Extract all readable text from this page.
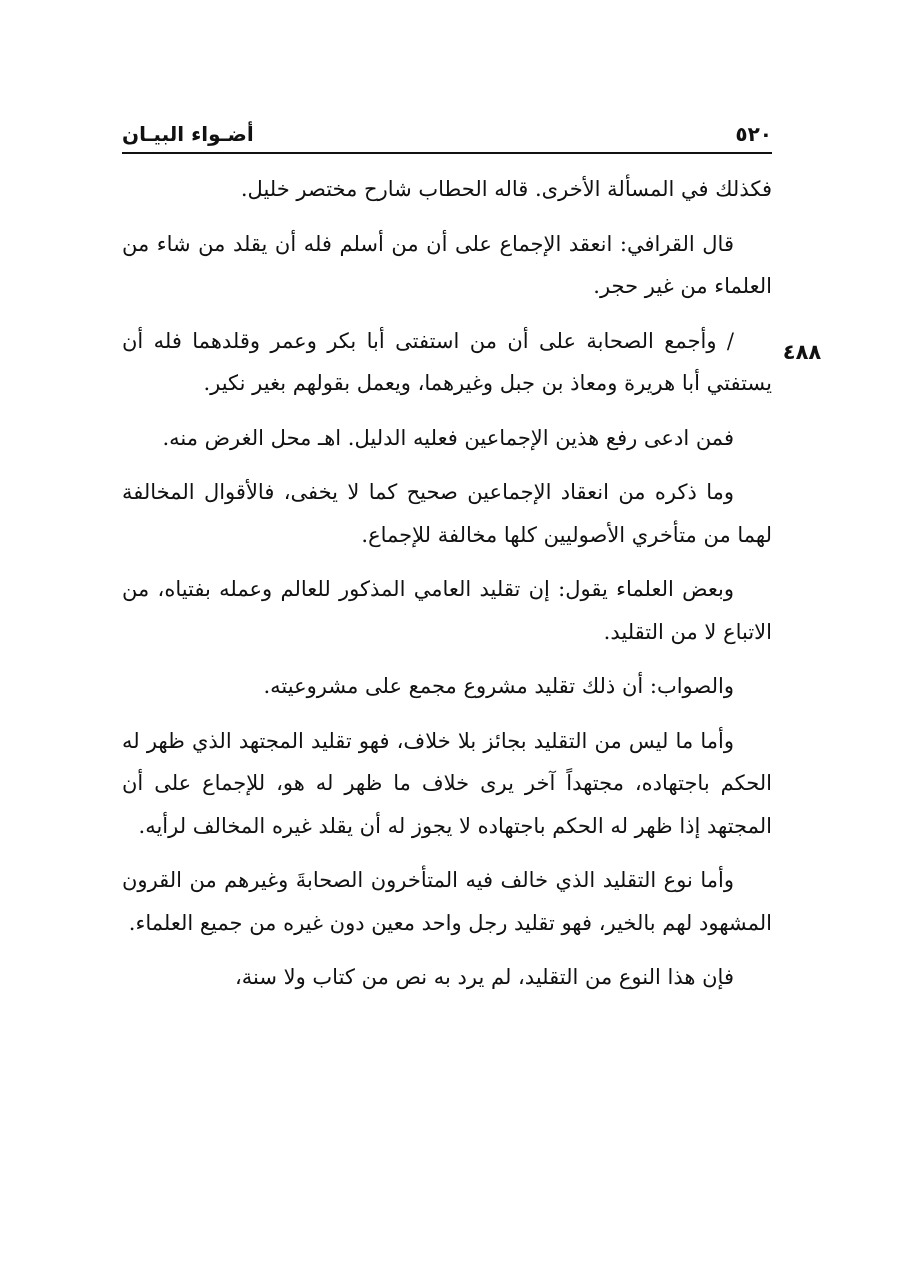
٥٢٠
أضـواء البيـان
٤٨٨

فكذلك في المسألة الأخرى. قاله الحطاب شارح مختصر خليل.

قال القرافي: انعقد الإجماع على أن من أسلم فله أن يقلد من شاء من العلماء من غير حجر.

/ وأجمع الصحابة على أن من استفتى أبا بكر وعمر وقلدهما فله أن يستفتي أبا هريرة ومعاذ بن جبل وغيرهما، ويعمل بقولهم بغير نكير.

فمن ادعى رفع هذين الإجماعين فعليه الدليل. اهـ محل الغرض منه.

وما ذكره من انعقاد الإجماعين صحيح كما لا يخفى، فالأقوال المخالفة لهما من متأخري الأصوليين كلها مخالفة للإجماع.

وبعض العلماء يقول: إن تقليد العامي المذكور للعالم وعمله بفتياه، من الاتباع لا من التقليد.

والصواب: أن ذلك تقليد مشروع مجمع على مشروعيته.

وأما ما ليس من التقليد بجائز بلا خلاف، فهو تقليد المجتهد الذي ظهر له الحكم باجتهاده، مجتهداً آخر يرى خلاف ما ظهر له هو، للإجماع على أن المجتهد إذا ظهر له الحكم باجتهاده لا يجوز له أن يقلد غيره المخالف لرأيه.

وأما نوع التقليد الذي خالف فيه المتأخرون الصحابةَ وغيرهم من القرون المشهود لهم بالخير، فهو تقليد رجل واحد معين دون غيره من جميع العلماء.

فإن هذا النوع من التقليد، لم يرد به نص من كتاب ولا سنة،
